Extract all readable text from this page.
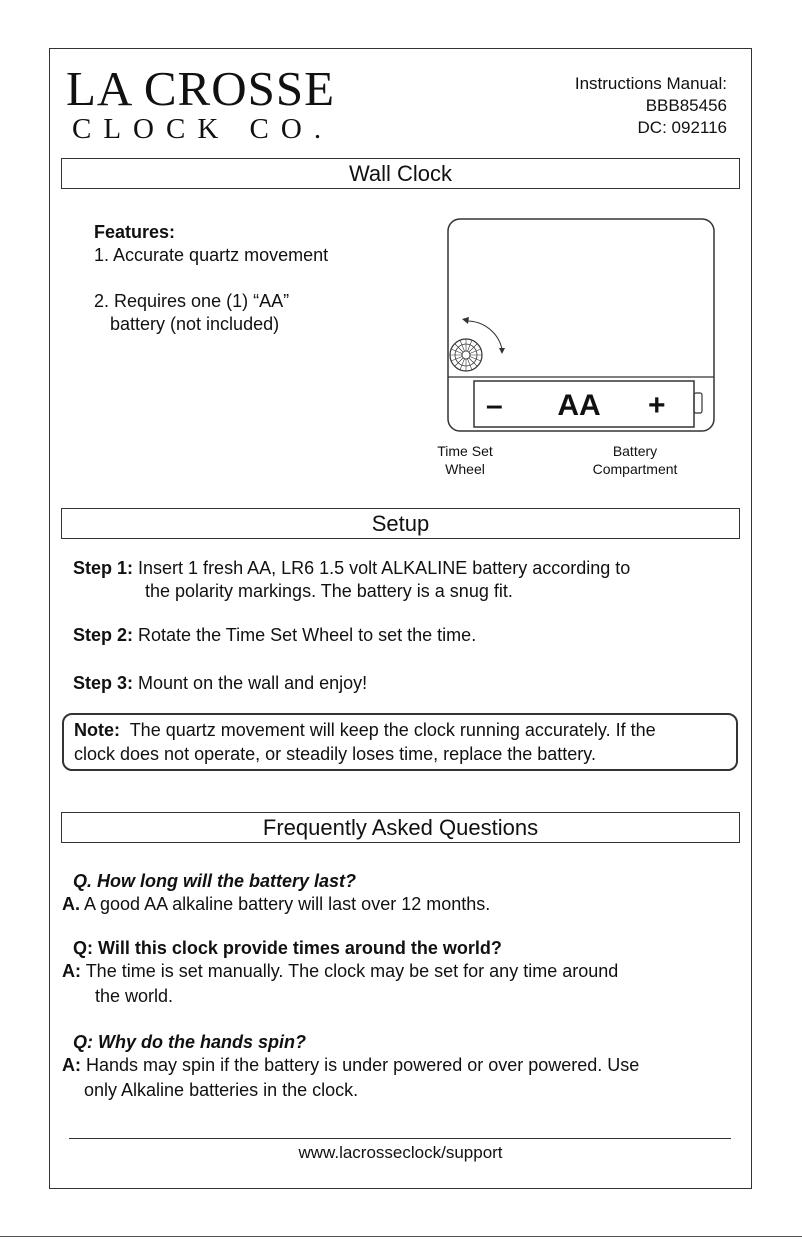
LA CROSSE
CLOCK CO.
Instructions Manual:
BBB85456
DC: 092116
Wall Clock
Features:
1. Accurate quartz movement
2. Requires one (1) “AA”
battery (not included)
–	AA	+
Time Set
Wheel
Battery
Compartment
Setup
Step 1: Insert 1 fresh AA, LR6 1.5 volt ALKALINE battery according to
the polarity markings. The battery is a snug fit.
Step 2: Rotate the Time Set Wheel to set the time.
Step 3: Mount on the wall and enjoy!
Note: The quartz movement will keep the clock running accurately. If the
clock does not operate, or steadily loses time, replace the battery.
Frequently Asked Questions
Q. How long will the battery last?
A. A good AA alkaline battery will last over 12 months.
Q: Will this clock provide times around the world?
A: The time is set manually. The clock may be set for any time around
the world.
Q: Why do the hands spin?
A: Hands may spin if the battery is under powered or over powered. Use
only Alkaline batteries in the clock.
www.lacrosseclock/support
